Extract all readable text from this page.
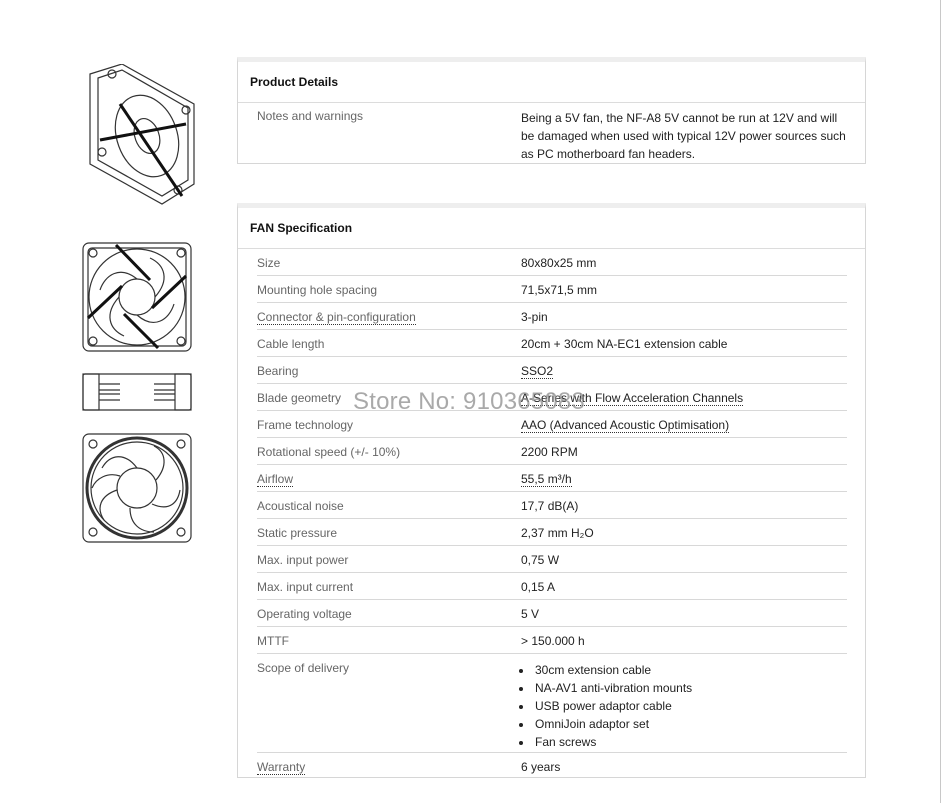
Product Details
Notes and warnings	Being a 5V fan, the NF-A8 5V cannot be run at 12V and will be damaged when used with typical 12V power sources such as PC motherboard fan headers.
FAN Specification
Size	80x80x25 mm
Mounting hole spacing	71,5x71,5 mm
Connector & pin-configuration	3-pin
Cable length	20cm + 30cm NA-EC1 extension cable
Bearing	SSO2
Blade geometry	A-Series with Flow Acceleration Channels
Frame technology	AAO (Advanced Acoustic Optimisation)
Rotational speed (+/- 10%)	2200 RPM
Airflow	55,5 m³/h
Acoustical noise	17,7 dB(A)
Static pressure	2,37 mm H₂O
Max. input power	0,75 W
Max. input current	0,15 A
Operating voltage	5 V
MTTF	> 150.000 h
Scope of delivery	• 30cm extension cable
• NA-AV1 anti-vibration mounts
• USB power adaptor cable
• OmniJoin adaptor set
• Fan screws
Warranty	6 years
Store No: 910365083
